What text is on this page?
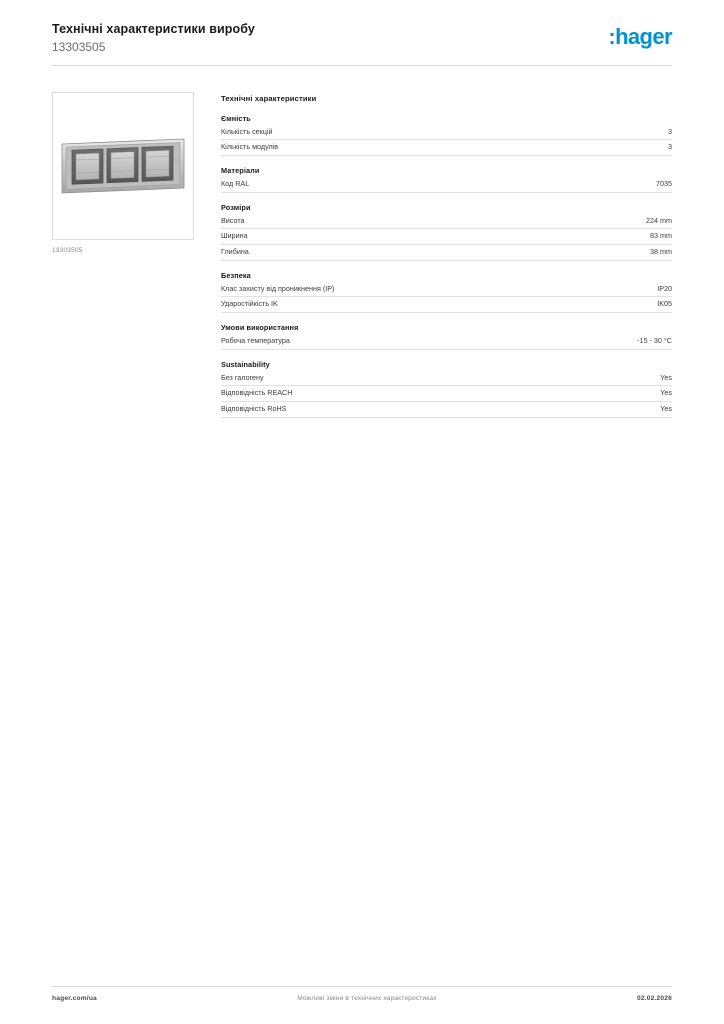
Технічні характеристики виробу
13303505	:hager
13303505
Технічні характеристики
Ємність
Кількість секцій	3
Кількість модулів	3
Матеріали
Код RAL	7035
Розміри
Висота	224 mm
Ширина	83 mm
Глибина	38 mm
Безпека
Клас захисту від проникнення (IP)	IP20
Ударостійкість IK	IK05
Умови використання
Робоча температура	-15 - 30 °C
Sustainability
Без галогену	Yes
Відповідність REACH	Yes
Відповідність RoHS	Yes
hager.com/ua	Можливі зміни в технічних характеристиках	02.02.2026
